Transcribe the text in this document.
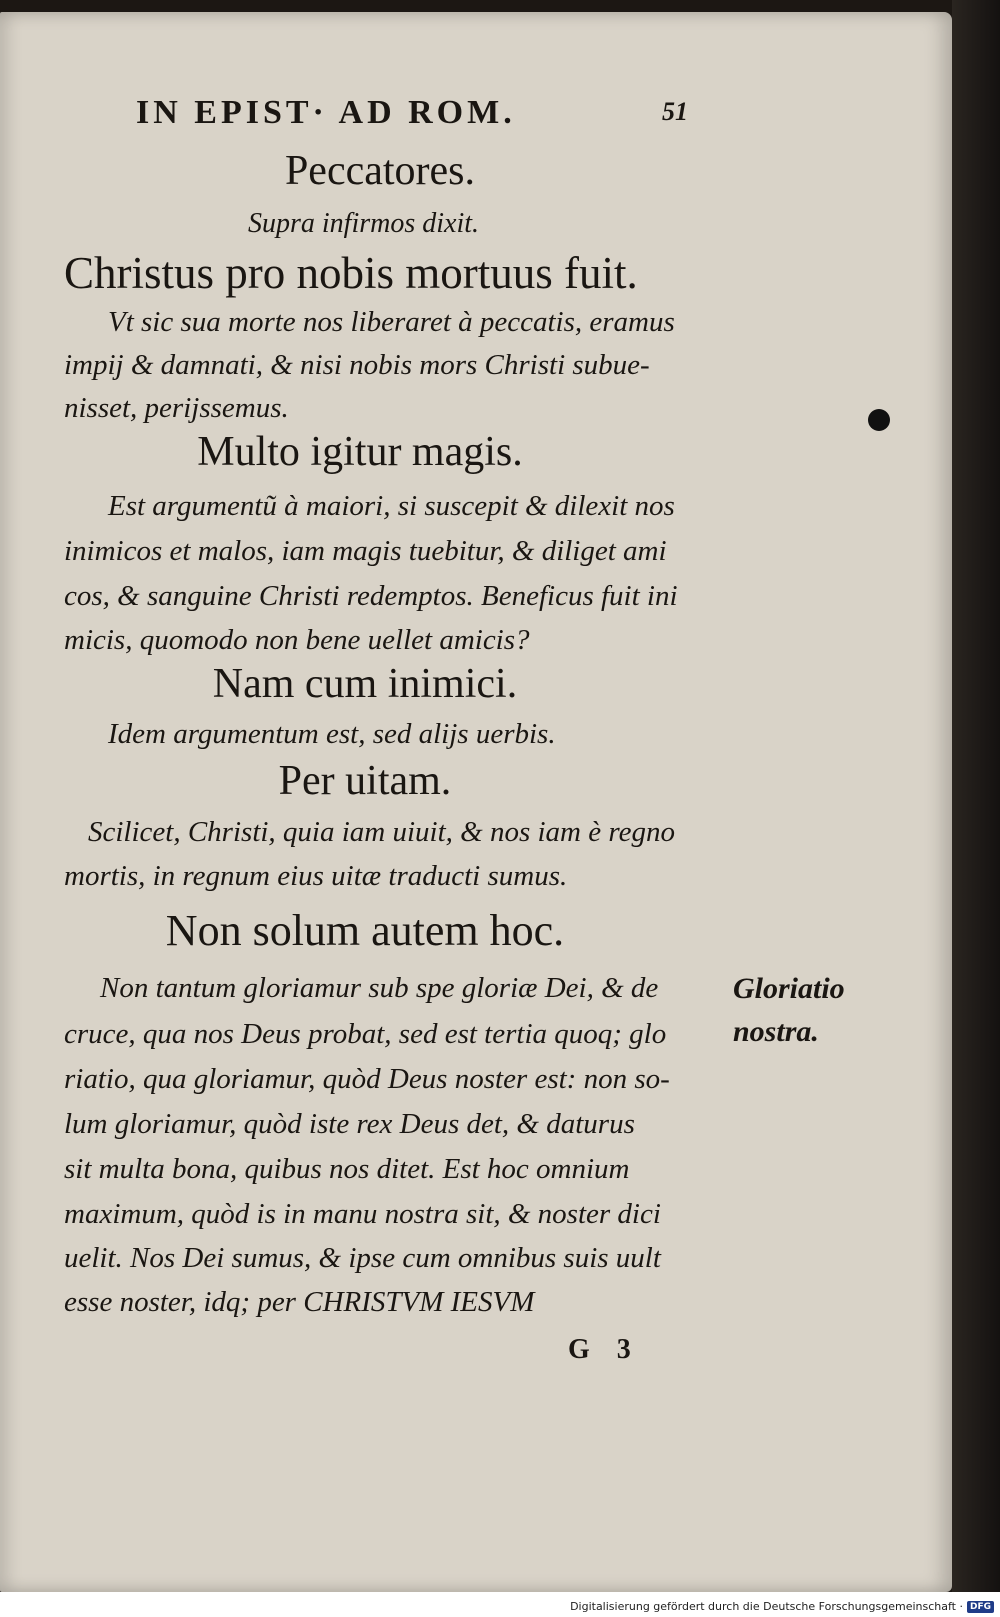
IN EPIST· AD ROM.	51
Peccatores.
Supra infirmos dixit.
Christus pro nobis mortuus fuit.
Vt sic sua morte nos liberaret à peccatis, eramus
impij & damnati, & nisi nobis mors Christi subue-
nisset, perijssemus.
Multo igitur magis.
Est argumentũ à maiori, si suscepit & dilexit nos
inimicos et malos, iam magis tuebitur, & diliget ami
cos, & sanguine Christi redemptos. Beneficus fuit ini
micis, quomodo non bene uellet amicis?
Nam cum inimici.
Idem argumentum est, sed alijs uerbis.
Per uitam.
Scilicet, Christi, quia iam uiuit, & nos iam è regno
mortis, in regnum eius uitæ traducti sumus.
Non solum autem hoc.
Non tantum gloriamur sub spe gloriæ Dei, & de
cruce, qua nos Deus probat, sed est tertia quoq; glo
riatio, qua gloriamur, quòd Deus noster est: non so-
lum gloriamur, quòd iste rex Deus det, & daturus
sit multa bona, quibus nos ditet. Est hoc omnium
maximum, quòd is in manu nostra sit, & noster dici
uelit. Nos Dei sumus, & ipse cum omnibus suis uult
esse noster, idq; per CHRISTVM IESVM
Gloriatio
nostra.
G 3
Digitalisierung gefördert durch die Deutsche Forschungsgemeinschaft · DFG
